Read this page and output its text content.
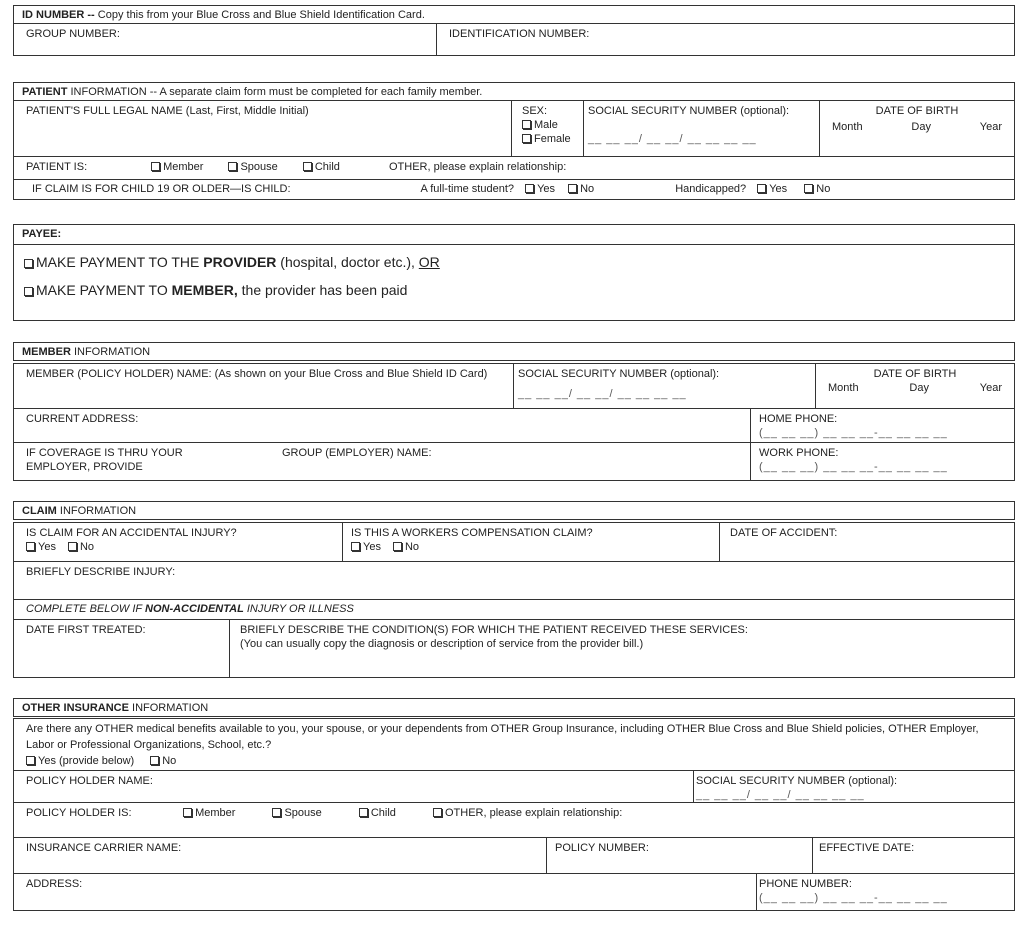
ID NUMBER -- Copy this from your Blue Cross and Blue Shield Identification Card.
GROUP NUMBER:	IDENTIFICATION NUMBER:
PATIENT INFORMATION -- A separate claim form must be completed for each family member.
PATIENT'S FULL LEGAL NAME (Last, First, Middle Initial)	SEX:
Male
Female
SOCIAL SECURITY NUMBER (optional):
__ __ __/ __ __/ __ __ __ __
DATE OF BIRTH
Month	Day	Year
PATIENT IS:	Member	Spouse	Child	OTHER, please explain relationship:
IF CLAIM IS FOR CHILD 19 OR OLDER—IS CHILD:	A full-time student? Yes No	Handicapped? Yes	No
PAYEE:
MAKE PAYMENT TO THE PROVIDER (hospital, doctor etc.), OR
MAKE PAYMENT TO MEMBER, the provider has been paid
MEMBER INFORMATION
MEMBER (POLICY HOLDER) NAME: (As shown on your Blue Cross and Blue Shield ID Card)	SOCIAL SECURITY NUMBER (optional):
__ __ __/ __ __/ __ __ __ __
DATE OF BIRTH
Month	Day	Year
CURRENT ADDRESS:	HOME PHONE:
(__ __ __) __ __ __-__ __ __ __
IF COVERAGE IS THRU YOUR EMPLOYER, PROVIDE
GROUP (EMPLOYER) NAME:	WORK PHONE:
(__ __ __) __ __ __-__ __ __ __
CLAIM INFORMATION
IS CLAIM FOR AN ACCIDENTAL INJURY?
Yes No
IS THIS A WORKERS COMPENSATION CLAIM?
Yes No
DATE OF ACCIDENT:
BRIEFLY DESCRIBE INJURY:
COMPLETE BELOW IF NON-ACCIDENTAL INJURY OR ILLNESS
DATE FIRST TREATED:	BRIEFLY DESCRIBE THE CONDITION(S) FOR WHICH THE PATIENT RECEIVED THESE SERVICES:
(You can usually copy the diagnosis or description of service from the provider bill.)
OTHER INSURANCE INFORMATION
Are there any OTHER medical benefits available to you, your spouse, or your dependents from OTHER Group Insurance, including OTHER Blue Cross and Blue Shield policies, OTHER Employer, Labor or Professional Organizations, School, etc.?
Yes (provide below)	No
POLICY HOLDER NAME:	SOCIAL SECURITY NUMBER (optional):
__ __ __/ __ __/ __ __ __ __
POLICY HOLDER IS:	Member	Spouse	Child	OTHER, please explain relationship:
INSURANCE CARRIER NAME:	POLICY NUMBER:	EFFECTIVE DATE:
ADDRESS:	PHONE NUMBER:
(__ __ __) __ __ __-__ __ __ __
